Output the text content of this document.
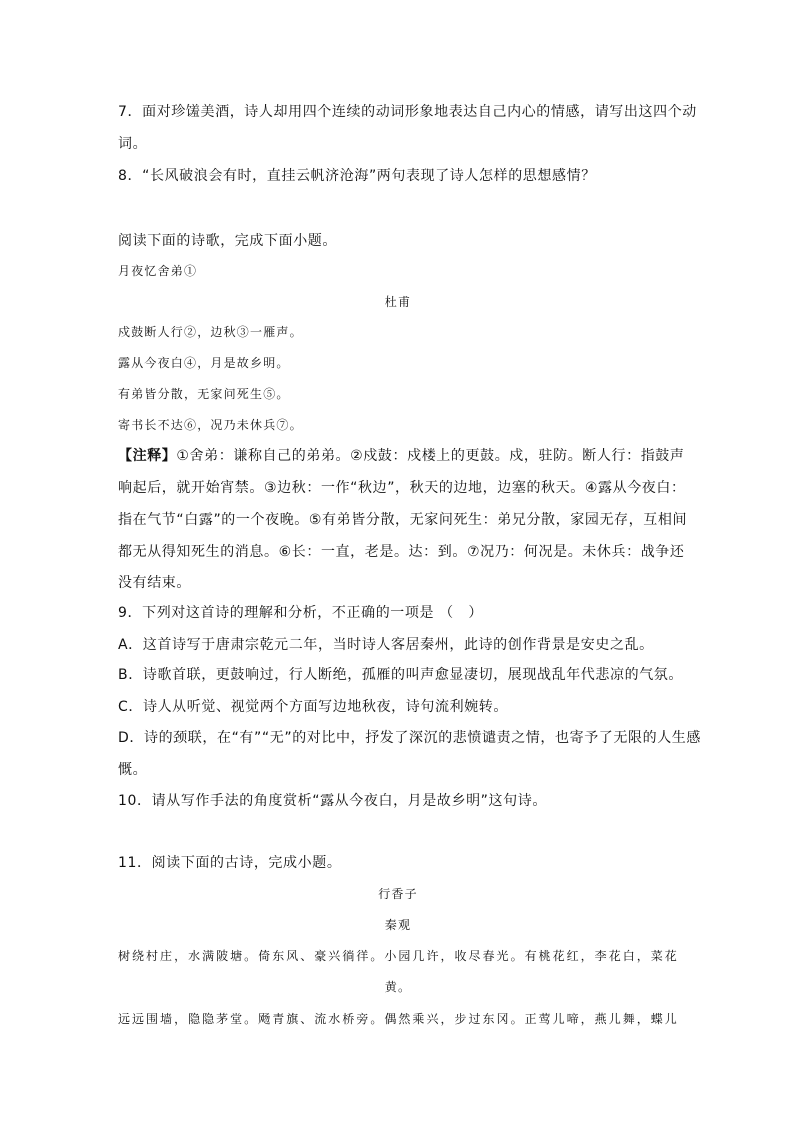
7．面对珍馐美酒，诗人却用四个连续的动词形象地表达自己内心的情感，请写出这四个动
词。
8．“长风破浪会有时，直挂云帆济沧海”两句表现了诗人怎样的思想感情？
阅读下面的诗歌，完成下面小题。
月夜忆舍弟①
杜甫
戍鼓断人行②，边秋③一雁声。
露从今夜白④，月是故乡明。
有弟皆分散，无家问死生⑤。
寄书长不达⑥，况乃未休兵⑦。
【注释】①舍弟：谦称自己的弟弟。②戍鼓：戍楼上的更鼓。戍，驻防。断人行：指鼓声
响起后，就开始宵禁。③边秋：一作“秋边”，秋天的边地，边塞的秋天。④露从今夜白：
指在气节“白露”的一个夜晚。⑤有弟皆分散，无家问死生：弟兄分散，家园无存，互相间
都无从得知死生的消息。⑥长：一直，老是。达：到。⑦况乃：何况是。未休兵：战争还
没有结束。
9．下列对这首诗的理解和分析，不正确的一项是 （　）
A．这首诗写于唐肃宗乾元二年，当时诗人客居秦州，此诗的创作背景是安史之乱。
B．诗歌首联，更鼓响过，行人断绝，孤雁的叫声愈显凄切，展现战乱年代悲凉的气氛。
C．诗人从听觉、视觉两个方面写边地秋夜，诗句流利婉转。
D．诗的颈联，在“有”“无”的对比中，抒发了深沉的悲愤谴责之情，也寄予了无限的人生感
慨。
10．请从写作手法的角度赏析“露从今夜白，月是故乡明”这句诗。
11．阅读下面的古诗，完成小题。
行香子
秦观
树绕村庄，水满陂塘。倚东风、豪兴徜徉。小园几许，收尽春光。有桃花红，李花白，菜花
黄。
远远围墙，隐隐茅堂。飏青旗、流水桥旁。偶然乘兴，步过东冈。正莺儿啼，燕儿舞，蝶儿
